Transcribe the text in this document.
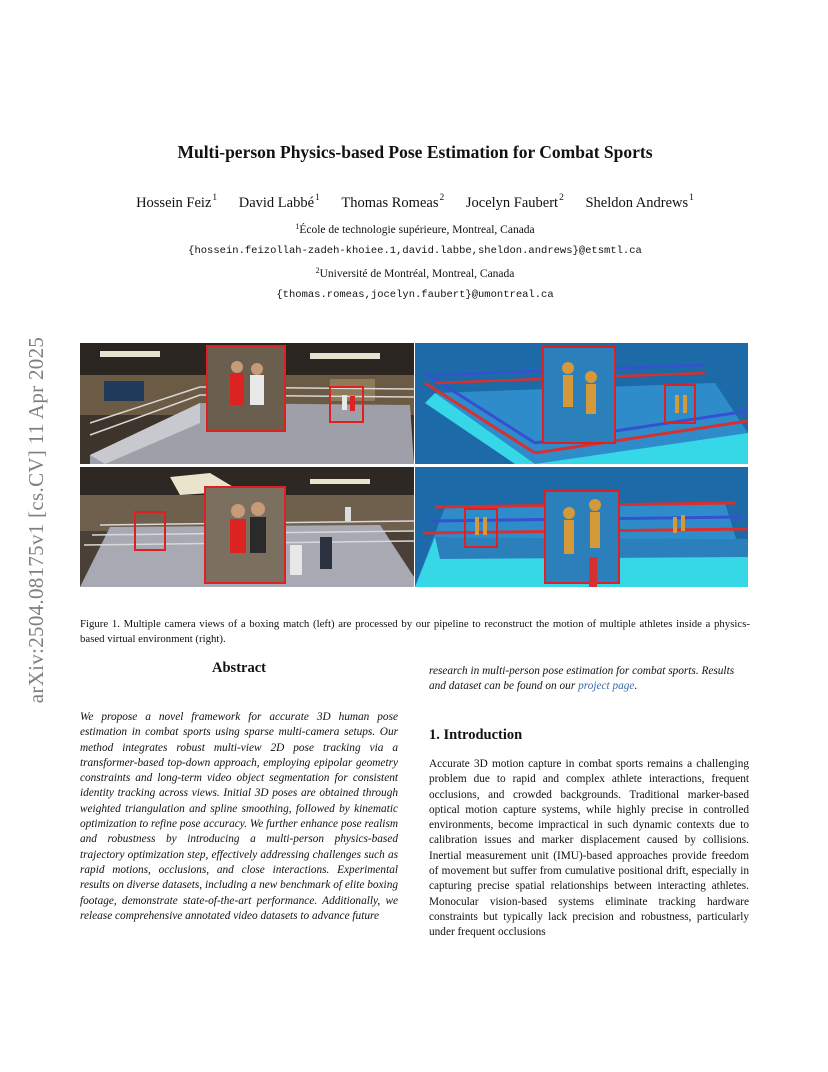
arXiv:2504.08175v1 [cs.CV] 11 Apr 2025
Multi-person Physics-based Pose Estimation for Combat Sports
Hossein Feiz$^1$ David Labbé$^1$ Thomas Romeas$^2$ Jocelyn Faubert$^2$ Sheldon Andrews$^1$
$^1$École de technologie supérieure, Montreal, Canada
{hossein.feizollah-zadeh-khoiee.1,david.labbe,sheldon.andrews}@etsmtl.ca
$^2$Université de Montréal, Montreal, Canada
{thomas.romeas,jocelyn.faubert}@umontreal.ca
Figure 1. Multiple camera views of a boxing match (left) are processed by our pipeline to reconstruct the motion of multiple athletes inside a physics-based virtual environment (right).
Abstract
We propose a novel framework for accurate 3D human pose estimation in combat sports using sparse multi-camera setups. Our method integrates robust multi-view 2D pose tracking via a transformer-based top-down approach, employing epipolar geometry constraints and long-term video object segmentation for consistent identity tracking across views. Initial 3D poses are obtained through weighted triangulation and spline smoothing, followed by kinematic optimization to refine pose accuracy. We further enhance pose realism and robustness by introducing a multi-person physics-based trajectory optimization step, effectively addressing challenges such as rapid motions, occlusions, and close interactions. Experimental results on diverse datasets, including a new benchmark of elite boxing footage, demonstrate state-of-the-art performance. Additionally, we release comprehensive annotated video datasets to advance future
research in multi-person pose estimation for combat sports. Results and dataset can be found on our project page.
1. Introduction
Accurate 3D motion capture in combat sports remains a challenging problem due to rapid and complex athlete interactions, frequent occlusions, and crowded backgrounds. Traditional marker-based optical motion capture systems, while highly precise in controlled environments, become impractical in such dynamic contexts due to calibration issues and marker displacement caused by collisions. Inertial measurement unit (IMU)-based approaches provide freedom of movement but suffer from cumulative positional drift, especially in capturing precise spatial relationships between interacting athletes. Monocular vision-based systems eliminate tracking hardware constraints but typically lack precision and robustness, particularly under frequent occlusions
